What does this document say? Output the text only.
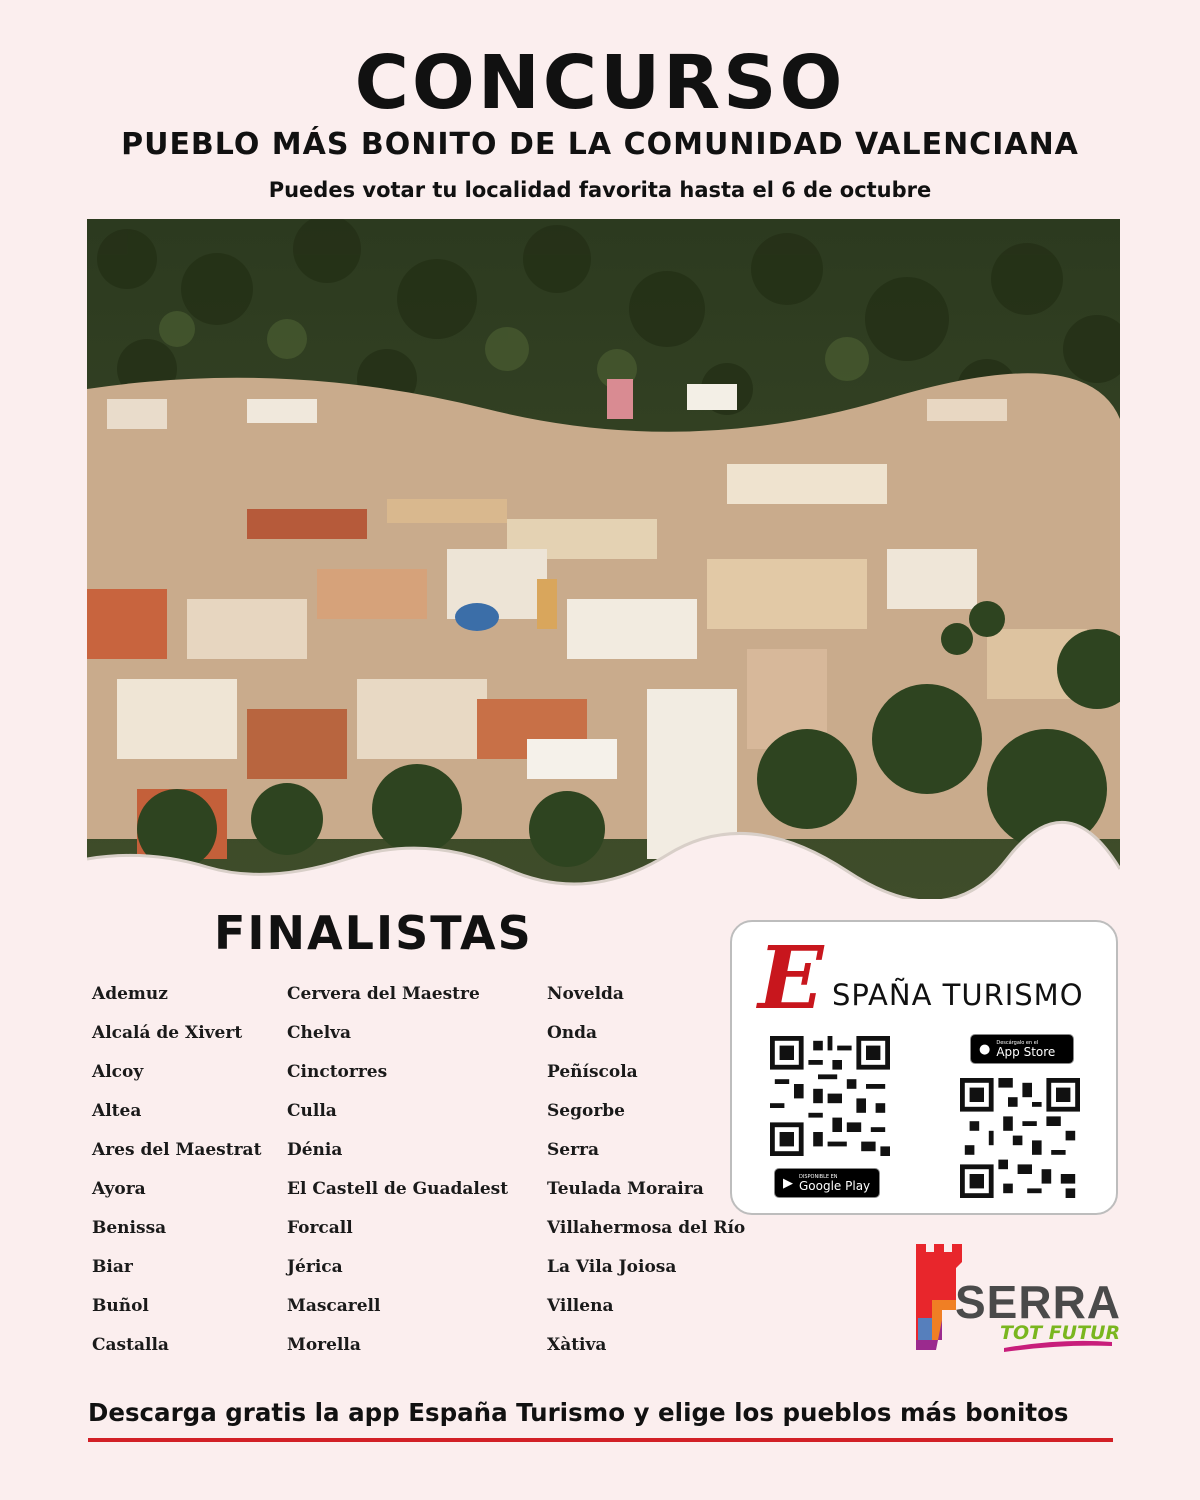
CONCURSO
PUEBLO MÁS BONITO DE LA COMUNIDAD VALENCIANA
Puedes votar tu localidad favorita hasta el 6 de octubre
FINALISTAS
Ademuz
Alcalá de Xivert
Alcoy
Altea
Ares del Maestrat
Ayora
Benissa
Biar
Buñol
Castalla
Cervera del Maestre
Chelva
Cinctorres
Culla
Dénia
El Castell de Guadalest
Forcall
Jérica
Mascarell
Morella
Novelda
Onda
Peñíscola
Segorbe
Serra
Teulada Moraira
Villahermosa del Río
La Vila Joiosa
Villena
Xàtiva
E SPAÑA TURISMO
▶ DISPONIBLE EN
Google Play
● Descárgalo en el
App Store
SERRA
TOT FUTUR
Descarga gratis la app España Turismo y elige los pueblos más bonitos
